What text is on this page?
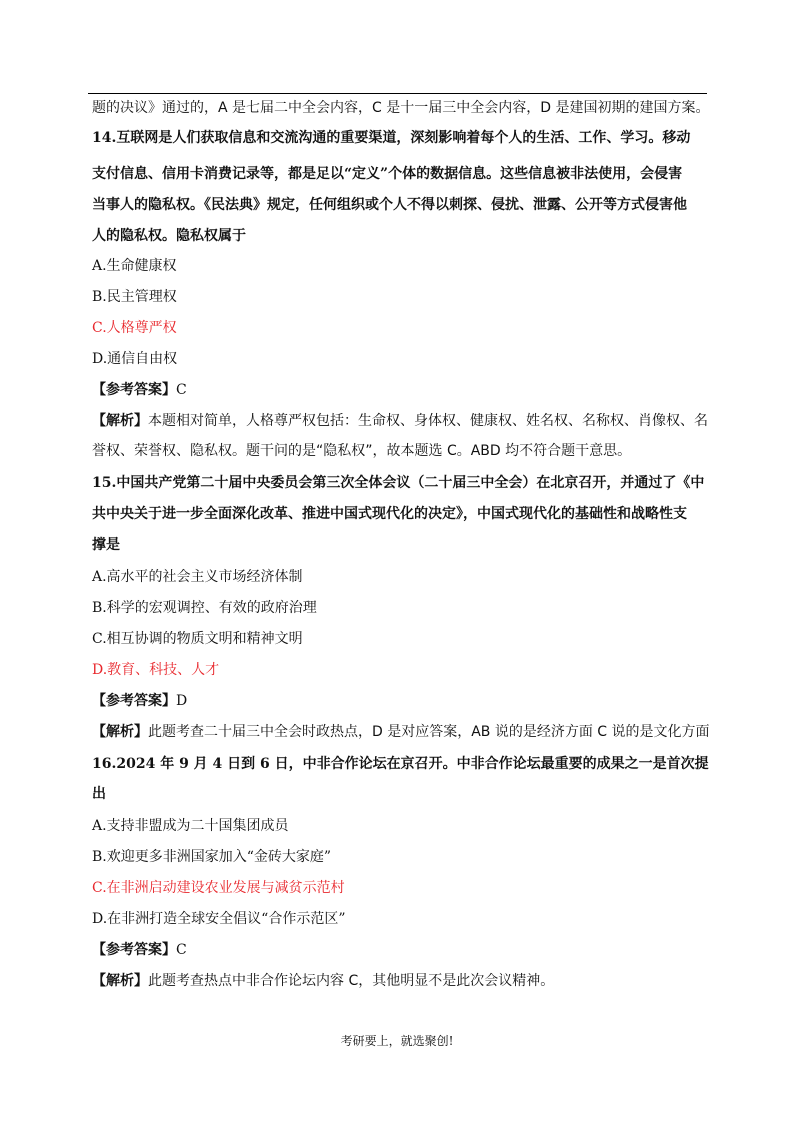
题的决议》通过的，A 是七届二中全会内容，C 是十一届三中全会内容，D 是建国初期的建国方案。
14.互联网是人们获取信息和交流沟通的重要渠道，深刻影响着每个人的生活、工作、学习。移动
支付信息、信用卡消费记录等，都是足以“定义”个体的数据信息。这些信息被非法使用，会侵害
当事人的隐私权。《民法典》规定，任何组织或个人不得以刺探、侵扰、泄露、公开等方式侵害他
人的隐私权。隐私权属于
A.生命健康权
B.民主管理权
C.人格尊严权
D.通信自由权
【参考答案】C
【解析】本题相对简单，人格尊严权包括：生命权、身体权、健康权、姓名权、名称权、肖像权、名
誉权、荣誉权、隐私权。题干问的是“隐私权”，故本题选 C。ABD 均不符合题干意思。
15.中国共产党第二十届中央委员会第三次全体会议（二十届三中全会）在北京召开，并通过了《中
共中央关于进一步全面深化改革、推进中国式现代化的决定》，中国式现代化的基础性和战略性支
撑是
A.高水平的社会主义市场经济体制
B.科学的宏观调控、有效的政府治理
C.相互协调的物质文明和精神文明
D.教育、科技、人才
【参考答案】D
【解析】此题考查二十届三中全会时政热点，D 是对应答案，AB 说的是经济方面 C 说的是文化方面
16.2024 年 9 月 4 日到 6 日，中非合作论坛在京召开。中非合作论坛最重要的成果之一是首次提
出
A.支持非盟成为二十国集团成员
B.欢迎更多非洲国家加入“金砖大家庭”
C.在非洲启动建设农业发展与减贫示范村
D.在非洲打造全球安全倡议“合作示范区”
【参考答案】C
【解析】此题考查热点中非合作论坛内容 C，其他明显不是此次会议精神。
考研要上，就选聚创!
